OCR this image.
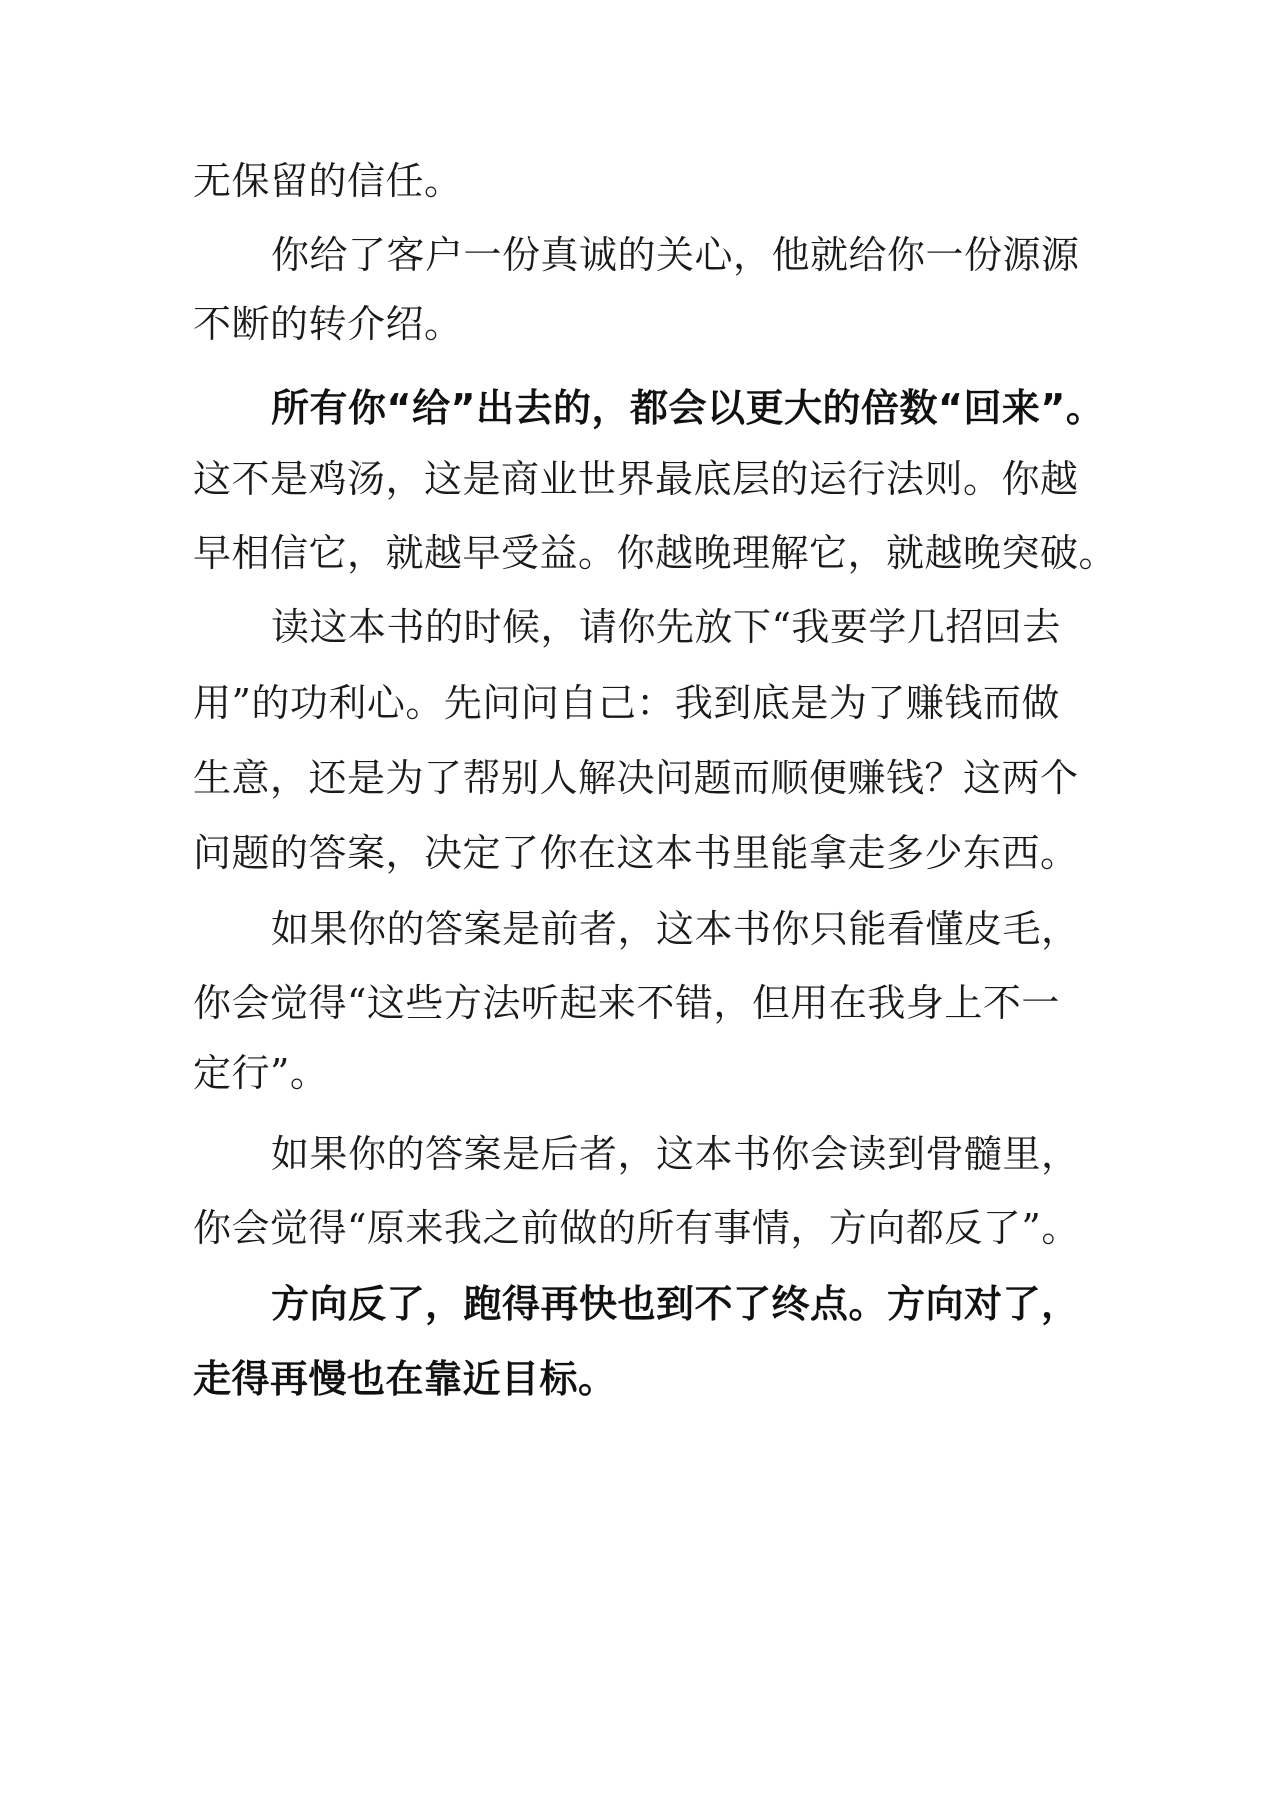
无保留的信任。
你给了客户一份真诚的关心，他就给你一份源源
不断的转介绍。
所有你“给”出去的，都会以更大的倍数“回来”。
这不是鸡汤，这是商业世界最底层的运行法则。你越
早相信它，就越早受益。你越晚理解它，就越晚突破。
读这本书的时候，请你先放下“我要学几招回去
用”的功利心。先问问自己：我到底是为了赚钱而做
生意，还是为了帮别人解决问题而顺便赚钱？这两个
问题的答案，决定了你在这本书里能拿走多少东西。
如果你的答案是前者，这本书你只能看懂皮毛，
你会觉得“这些方法听起来不错，但用在我身上不一
定行”。
如果你的答案是后者，这本书你会读到骨髓里，
你会觉得“原来我之前做的所有事情，方向都反了”。
方向反了，跑得再快也到不了终点。方向对了，
走得再慢也在靠近目标。
